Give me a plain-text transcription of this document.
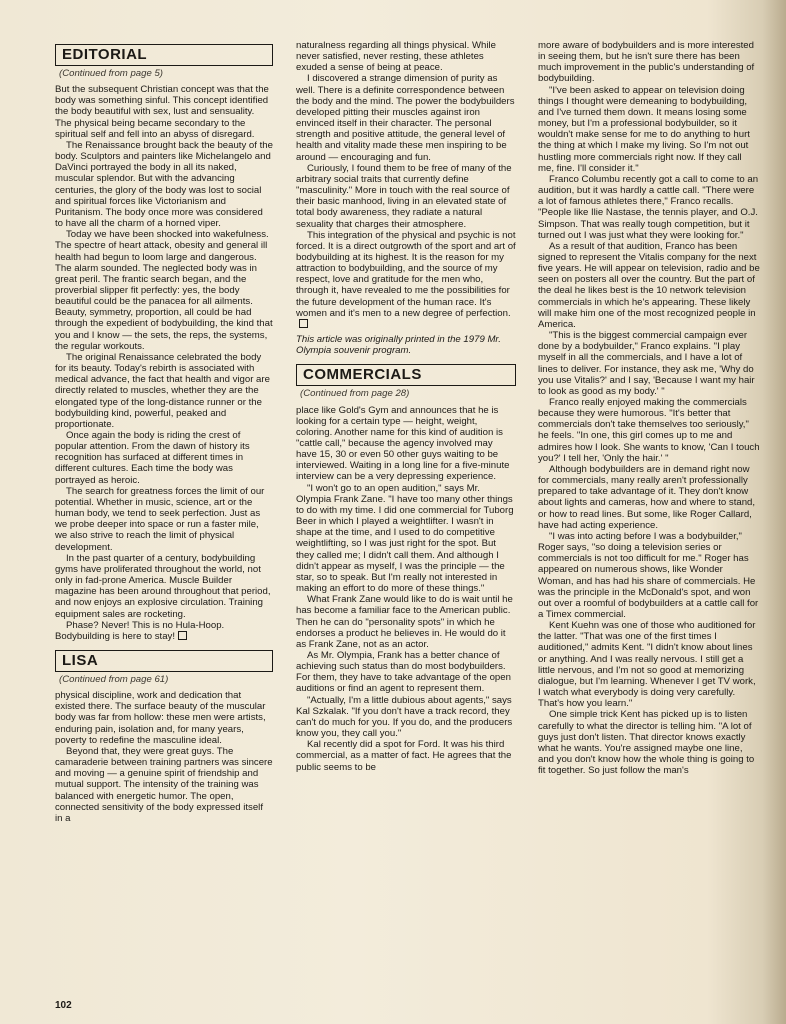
EDITORIAL
(Continued from page 5)

But the subsequent Christian concept was that the body was something sinful. This concept identified the body beautiful with sex, lust and sensuality. The physical being became secondary to the spiritual self and fell into an abyss of disregard.

The Renaissance brought back the beauty of the body. Sculptors and painters like Michelangelo and DaVinci portrayed the body in all its naked, muscular splendor. But with the advancing centuries, the glory of the body was lost to social and spiritual forces like Victorianism and Puritanism. The body once more was considered to have all the charm of a horned viper.

Today we have been shocked into wakefulness. The spectre of heart attack, obesity and general ill health had begun to loom large and dangerous. The alarm sounded. The neglected body was in great peril. The frantic search began, and the proverbial slipper fit perfectly: yes, the body beautiful could be the panacea for all ailments. Beauty, symmetry, proportion, all could be had through the expedient of bodybuilding, the kind that you and I know — the sets, the reps, the systems, the regular workouts.

The original Renaissance celebrated the body for its beauty. Today's rebirth is associated with medical advance, the fact that health and vigor are directly related to muscles, whether they are the elongated type of the long-distance runner or the bodybuilding kind, powerful, peaked and proportionate.

Once again the body is riding the crest of popular attention. From the dawn of history its recognition has surfaced at different times in different cultures. Each time the body was portrayed as heroic.

The search for greatness forces the limit of our potential. Whether in music, science, art or the human body, we tend to seek perfection. Just as we probe deeper into space or run a faster mile, we also strive to reach the limit of physical development.

In the past quarter of a century, bodybuilding gyms have proliferated throughout the world, not only in fad-prone America. Muscle Builder magazine has been around throughout that period, and now enjoys an explosive circulation. Training equipment sales are rocketing.

Phase? Never! This is no Hula-Hoop. Bodybuilding is here to stay!

LISA
(Continued from page 61)

physical discipline, work and dedication that existed there. The surface beauty of the muscular body was far from hollow: these men were artists, enduring pain, isolation and, for many years, poverty to redefine the masculine ideal.

Beyond that, they were great guys. The camaraderie between training partners was sincere and moving — a genuine spirit of friendship and mutual support. The intensity of the training was balanced with energetic humor. The open, connected sensitivity of the body expressed itself in a

naturalness regarding all things physical. While never satisfied, never resting, these athletes exuded a sense of being at peace.

I discovered a strange dimension of purity as well. There is a definite correspondence between the body and the mind. The power the bodybuilders developed pitting their muscles against iron envinced itself in their character. The personal strength and positive attitude, the general level of health and vitality made these men inspiring to be around — encouraging and fun.

Curiously, I found them to be free of many of the arbitrary social traits that currently define "masculinity." More in touch with the real source of their basic manhood, living in an elevated state of total body awareness, they radiate a natural sexuality that charges their atmosphere.

This integration of the physical and psychic is not forced. It is a direct outgrowth of the sport and art of bodybuilding at its highest. It is the reason for my attraction to bodybuilding, and the source of my respect, love and gratitude for the men who, through it, have revealed to me the possibilities for the future development of the human race. It's women and it's men to a new degree of perfection.

This article was originally printed in the 1979 Mr. Olympia souvenir program.

COMMERCIALS
(Continued from page 28)

place like Gold's Gym and announces that he is looking for a certain type — height, weight, coloring. Another name for this kind of audition is "cattle call," because the agency involved may have 15, 30 or even 50 other guys waiting to be interviewed. Waiting in a long line for a five-minute interview can be a very depressing experience.

"I won't go to an open audition," says Mr. Olympia Frank Zane. "I have too many other things to do with my time. I did one commercial for Tuborg Beer in which I played a weightlifter. I wasn't in shape at the time, and I used to do competitive weightlifting, so I was just right for the spot. But they called me; I didn't call them. And although I didn't appear as myself, I was the principle — the star, so to speak. But I'm really not interested in making an effort to do more of these things."

What Frank Zane would like to do is wait until he has become a familiar face to the American public. Then he can do "personality spots" in which he endorses a product he believes in. He would do it as Frank Zane, not as an actor.

As Mr. Olympia, Frank has a better chance of achieving such status than do most bodybuilders. For them, they have to take advantage of the open auditions or find an agent to represent them.

"Actually, I'm a little dubious about agents," says Kal Szkalak. "If you don't have a track record, they can't do much for you. If you do, and the producers know you, they call you."

Kal recently did a spot for Ford. It was his third commercial, as a matter of fact. He agrees that the public seems to be

more aware of bodybuilders and is more interested in seeing them, but he isn't sure there has been much improvement in the public's understanding of bodybuilding.

"I've been asked to appear on television doing things I thought were demeaning to bodybuilding, and I've turned them down. It means losing some money, but I'm a professional bodybuilder, so it wouldn't make sense for me to do anything to hurt the thing at which I make my living. So I'm not out hustling more commercials right now. If they call me, fine. I'll consider it."

Franco Columbu recently got a call to come to an audition, but it was hardly a cattle call. "There were a lot of famous athletes there," Franco recalls. "People like Ilie Nastase, the tennis player, and O.J. Simpson. That was really tough competition, but it turned out I was just what they were looking for."

As a result of that audition, Franco has been signed to represent the Vitalis company for the next five years. He will appear on television, radio and be seen on posters all over the country. But the part of the deal he likes best is the 10 network television commercials in which he's appearing. These likely will make him one of the most recognized people in America.

"This is the biggest commercial campaign ever done by a bodybuilder," Franco explains. "I play myself in all the commercials, and I have a lot of lines to deliver. For instance, they ask me, 'Why do you use Vitalis?' and I say, 'Because I want my hair to look as good as my body.' "

Franco really enjoyed making the commercials because they were humorous. "It's better that commercials don't take themselves too seriously," he feels. "In one, this girl comes up to me and admires how I look. She wants to know, 'Can I touch you?' I tell her, 'Only the hair.' "

Although bodybuilders are in demand right now for commercials, many really aren't professionally prepared to take advantage of it. They don't know about lights and cameras, how and where to stand, or how to read lines. But some, like Roger Callard, have had acting experience.

"I was into acting before I was a bodybuilder," Roger says, "so doing a television series or commercials is not too difficult for me." Roger has appeared on numerous shows, like Wonder Woman, and has had his share of commercials. He was the principle in the McDonald's spot, and won out over a roomful of bodybuilders at a cattle call for a Timex commercial.

Kent Kuehn was one of those who auditioned for the latter. "That was one of the first times I auditioned," admits Kent. "I didn't know about lines or anything. And I was really nervous. I still get a little nervous, and I'm not so good at memorizing dialogue, but I'm learning. Whenever I get TV work, I watch what everybody is doing very carefully. That's how you learn."

One simple trick Kent has picked up is to listen carefully to what the director is telling him. "A lot of guys just don't listen. That director knows exactly what he wants. You're assigned maybe one line, and you don't know how the whole thing is going to fit together. So just follow the man's

102
